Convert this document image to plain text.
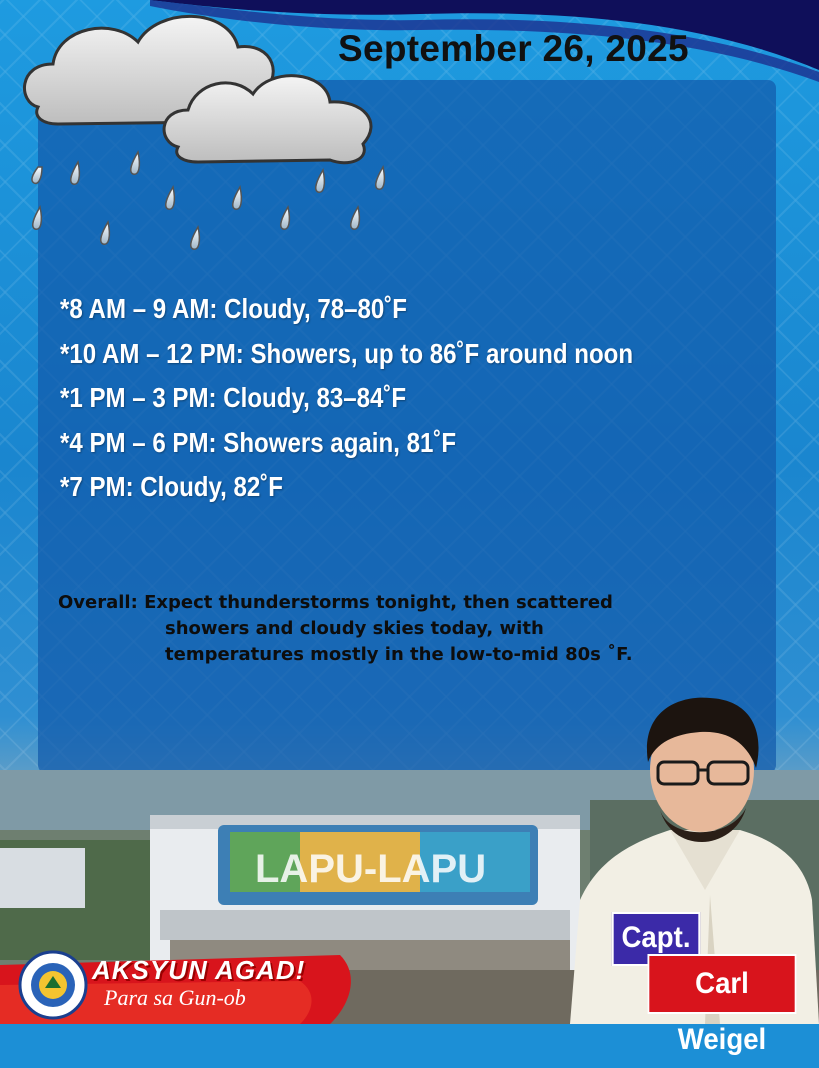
September 26, 2025
*8 AM – 9 AM: Cloudy, 78–80˚F
*10 AM – 12 PM: Showers, up to 86˚F around noon
*1 PM – 3 PM: Cloudy, 83–84˚F
*4 PM – 6 PM: Showers again, 81˚F
*7 PM: Cloudy, 82˚F
Overall: Expect thunderstorms tonight, then scattered
showers and cloudy skies today, with
temperatures mostly in the low-to-mid 80s ˚F.
LAPU-LAPU
AKSYUN AGAD!
Para sa Gun-ob
Capt.
Carl Weigel
